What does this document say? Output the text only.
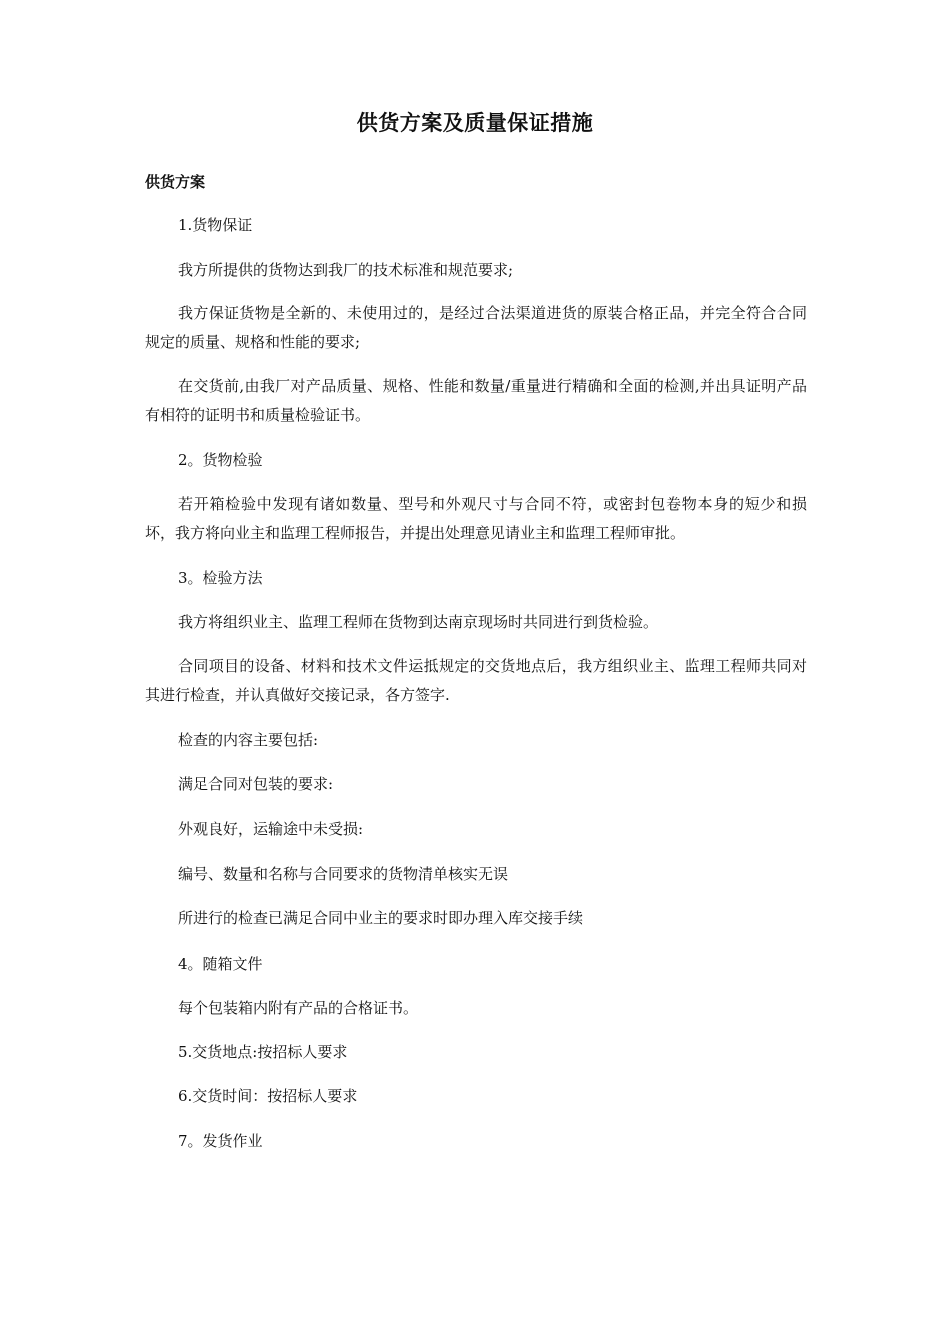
供货方案及质量保证措施
供货方案
1.货物保证
我方所提供的货物达到我厂的技术标准和规范要求;
我方保证货物是全新的、未使用过的，是经过合法渠道进货的原装合格正品，并完全符合合同规定的质量、规格和性能的要求;
在交货前,由我厂对产品质量、规格、性能和数量/重量进行精确和全面的检测,并出具证明产品有相符的证明书和质量检验证书。
2。货物检验
若开箱检验中发现有诸如数量、型号和外观尺寸与合同不符，或密封包卷物本身的短少和损坏，我方将向业主和监理工程师报告，并提出处理意见请业主和监理工程师审批。
3。检验方法
我方将组织业主、监理工程师在货物到达南京现场时共同进行到货检验。
合同项目的设备、材料和技术文件运抵规定的交货地点后，我方组织业主、监理工程师共同对其进行检查，并认真做好交接记录，各方签字.
检查的内容主要包括:
满足合同对包装的要求:
外观良好，运输途中未受损:
编号、数量和名称与合同要求的货物清单核实无误
所进行的检查已满足合同中业主的要求时即办理入库交接手续
4。随箱文件
每个包装箱内附有产品的合格证书。
5.交货地点:按招标人要求
6.交货时间：按招标人要求
7。发货作业
